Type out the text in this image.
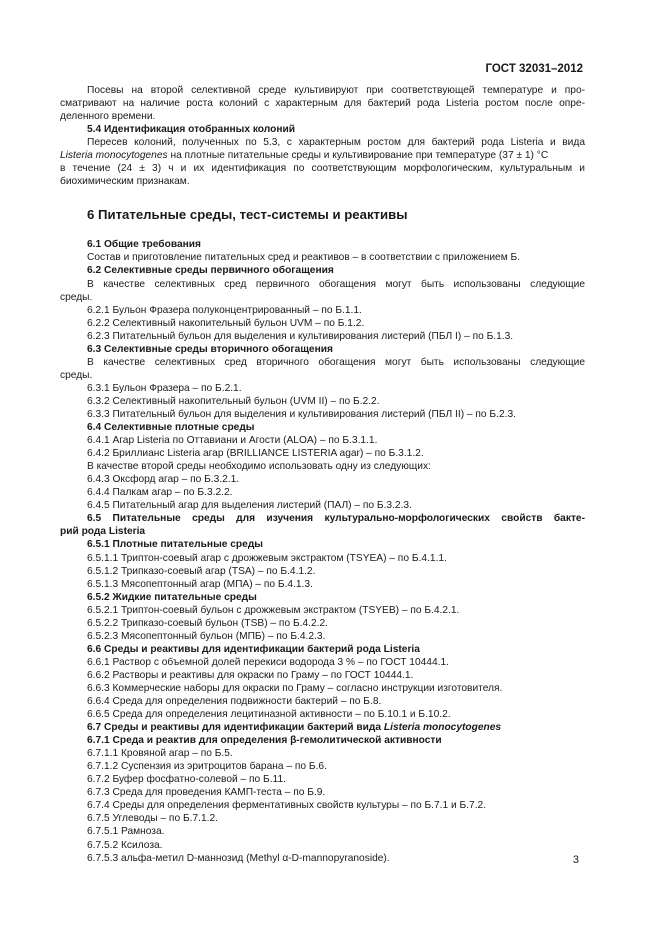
ГОСТ 32031–2012
Посевы на второй селективной среде культивируют при соответствующей температуре и про-
сматривают на наличие роста колоний с характерным для бактерий рода Listeria ростом после опре-
деленного времени.
5.4 Идентификация отобранных колоний
Пересев колоний, полученных по 5.3, с характерным ростом для бактерий рода Listeria и вида
Listeria monocytogenes на плотные питательные среды и культивирование при температуре (37 ± 1) °С
в течение (24 ± 3) ч и их идентификация по соответствующим морфологическим, культуральным и
биохимическим признакам.
6 Питательные среды, тест-системы и реактивы
6.1 Общие требования
Состав и приготовление питательных сред и реактивов – в соответствии с приложением Б.
6.2 Селективные среды первичного обогащения
В качестве селективных сред первичного обогащения могут быть использованы следующие
среды.
6.2.1 Бульон Фразера полуконцентрированный – по Б.1.1.
6.2.2 Селективный накопительный бульон UVM – по Б.1.2.
6.2.3 Питательный бульон для выделения и культивирования листерий (ПБЛ I) – по Б.1.3.
6.3 Селективные среды вторичного обогащения
В качестве селективных сред вторичного обогащения могут быть использованы следующие
среды.
6.3.1 Бульон Фразера – по Б.2.1.
6.3.2 Селективный накопительный бульон (UVM II) – по Б.2.2.
6.3.3 Питательный бульон для выделения и культивирования листерий (ПБЛ II) – по Б.2.3.
6.4 Селективные плотные среды
6.4.1 Агар Listeria по Оттавиани и Агости (ALOA) – по Б.3.1.1.
6.4.2 Бриллианс Listeria агар (BRILLIANCE LISTERIA agar) – по Б.3.1.2.
В качестве второй среды необходимо использовать одну из следующих:
6.4.3 Оксфорд агар – по Б.3.2.1.
6.4.4 Палкам агар – по Б.3.2.2.
6.4.5 Питательный агар для выделения листерий (ПАЛ) – по Б.3.2.3.
6.5 Питательные среды для изучения культурально-морфологических свойств бакте-
рий рода Listeria
6.5.1 Плотные питательные среды
6.5.1.1 Триптон-соевый агар с дрожжевым экстрактом (TSYEA) – по Б.4.1.1.
6.5.1.2 Трипказо-соевый агар (TSA) – по Б.4.1.2.
6.5.1.3 Мясопептонный агар (МПА) – по Б.4.1.3.
6.5.2 Жидкие питательные среды
6.5.2.1 Триптон-соевый бульон с дрожжевым экстрактом (TSYEB) – по Б.4.2.1.
6.5.2.2 Трипказо-соевый бульон (TSB) – по Б.4.2.2.
6.5.2.3 Мясопептонный бульон (МПБ) – по Б.4.2.3.
6.6 Среды и реактивы для идентификации бактерий рода Listeria
6.6.1 Раствор с объемной долей перекиси водорода 3 % – по ГОСТ 10444.1.
6.6.2 Растворы и реактивы для окраски по Граму – по ГОСТ 10444.1.
6.6.3 Коммерческие наборы для окраски по Граму – согласно инструкции изготовителя.
6.6.4 Среда для определения подвижности бактерий – по Б.8.
6.6.5 Среда для определения лецитиназной активности – по Б.10.1 и Б.10.2.
6.7 Среды и реактивы для идентификации бактерий вида Listeria monocytogenes
6.7.1 Среда и реактив для определения β-гемолитической активности
6.7.1.1 Кровяной агар – по Б.5.
6.7.1.2 Суспензия из эритроцитов барана – по Б.6.
6.7.2 Буфер фосфатно-солевой – по Б.11.
6.7.3 Среда для проведения КАМП-теста – по Б.9.
6.7.4 Среды для определения ферментативных свойств культуры – по Б.7.1 и Б.7.2.
6.7.5 Углеводы – по Б.7.1.2.
6.7.5.1 Рамноза.
6.7.5.2 Ксилоза.
6.7.5.3 альфа-метил D-маннозид (Methyl α-D-mannopyranoside).	3
